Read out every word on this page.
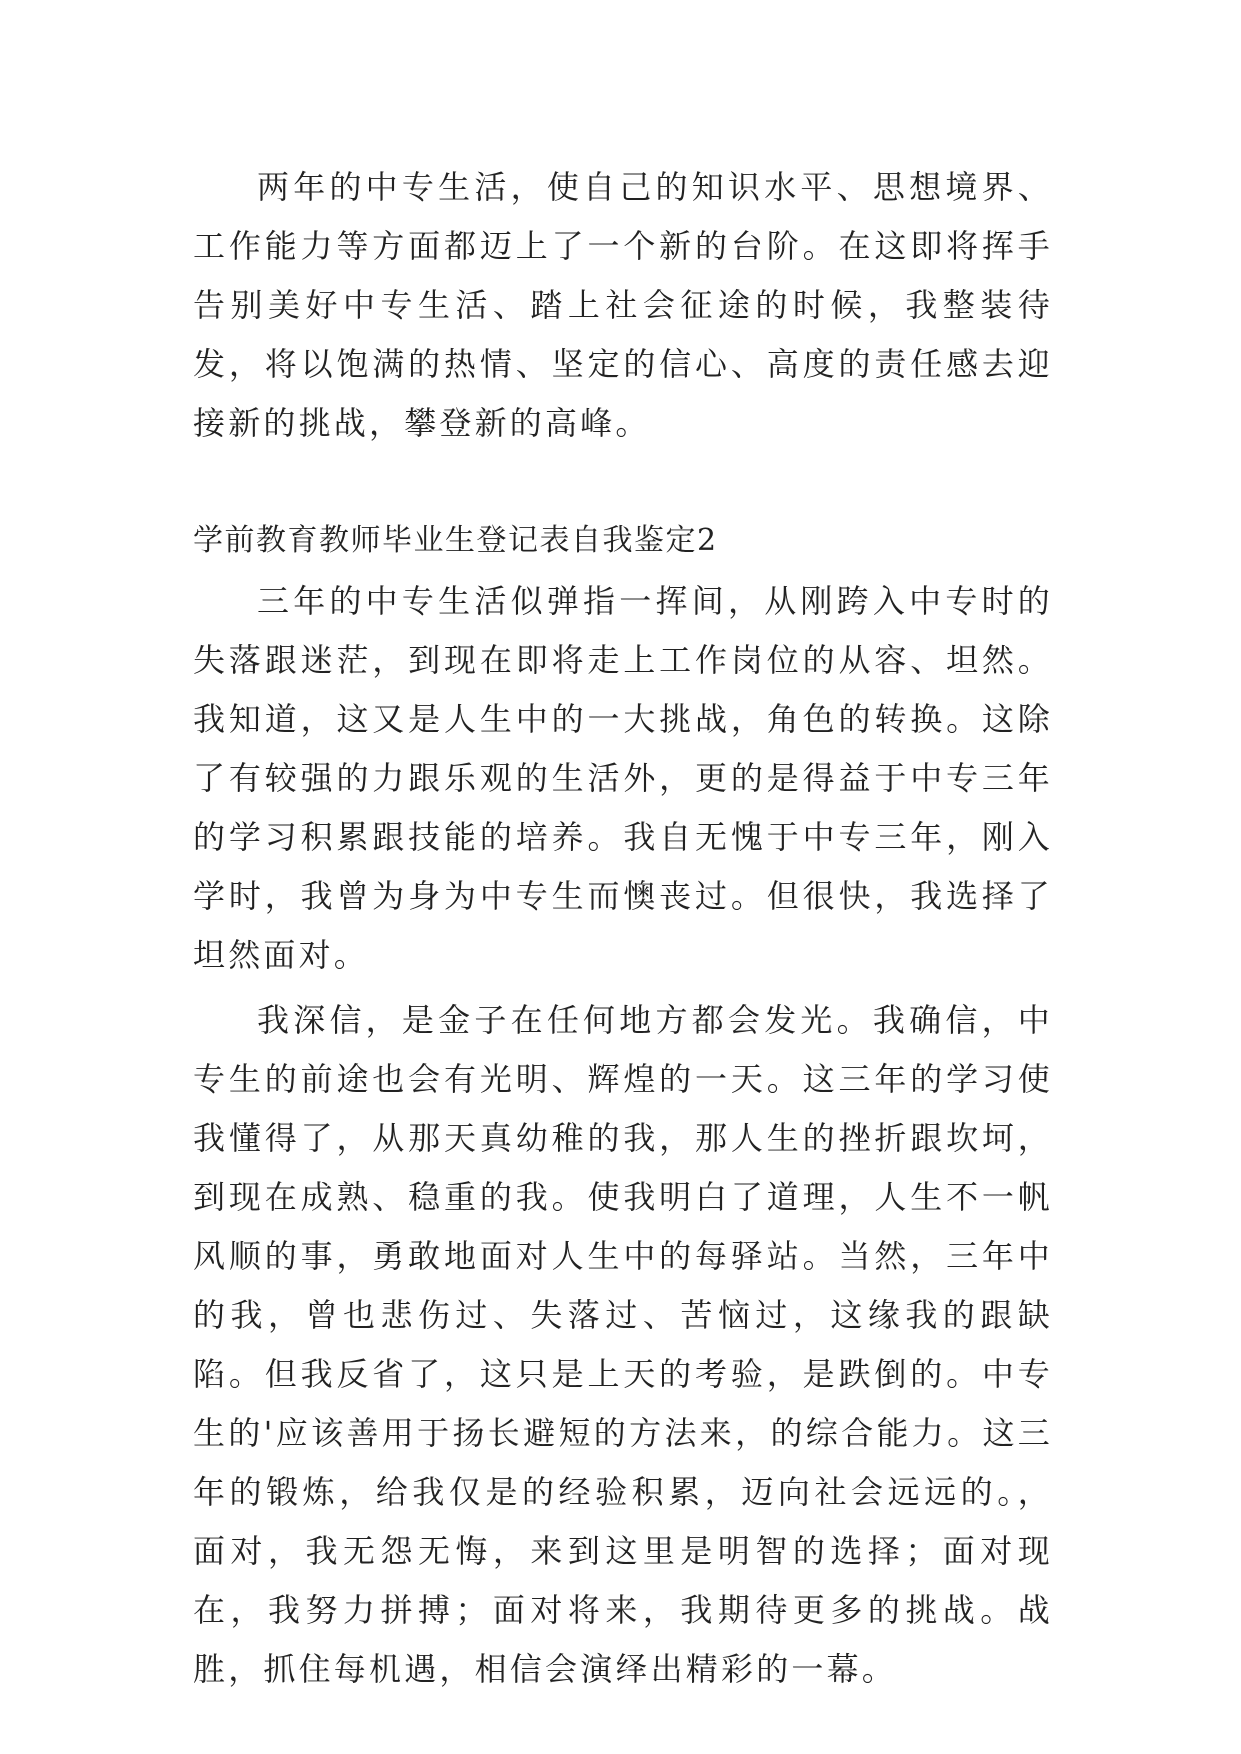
两年的中专生活，使自己的知识水平、思想境界、工作能力等方面都迈上了一个新的台阶。在这即将挥手告别美好中专生活、踏上社会征途的时候，我整装待发，将以饱满的热情、坚定的信心、高度的责任感去迎接新的挑战，攀登新的高峰。

学前教育教师毕业生登记表自我鉴定2

三年的中专生活似弹指一挥间，从刚跨入中专时的失落跟迷茫，到现在即将走上工作岗位的从容、坦然。我知道，这又是人生中的一大挑战，角色的转换。这除了有较强的力跟乐观的生活外，更的是得益于中专三年的学习积累跟技能的培养。我自无愧于中专三年，刚入学时，我曾为身为中专生而懊丧过。但很快，我选择了坦然面对。

我深信，是金子在任何地方都会发光。我确信，中专生的前途也会有光明、辉煌的一天。这三年的学习使我懂得了，从那天真幼稚的我，那人生的挫折跟坎坷，到现在成熟、稳重的我。使我明白了道理，人生不一帆风顺的事，勇敢地面对人生中的每驿站。当然，三年中的我，曾也悲伤过、失落过、苦恼过，这缘我的跟缺陷。但我反省了，这只是上天的考验，是跌倒的。中专生的'应该善用于扬长避短的方法来，的综合能力。这三年的锻炼，给我仅是的经验积累，迈向社会远远的。，面对，我无怨无悔，来到这里是明智的选择；面对现在，我努力拼搏；面对将来，我期待更多的挑战。战胜，抓住每机遇，相信会演绎出精彩的一幕。
